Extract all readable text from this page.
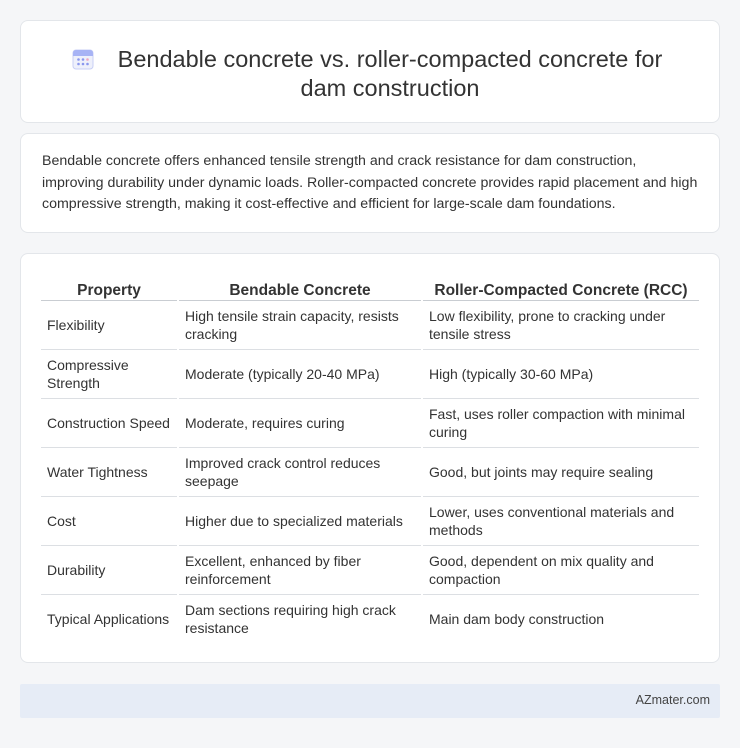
Bendable concrete vs. roller-compacted concrete for dam construction

Bendable concrete offers enhanced tensile strength and crack resistance for dam construction, improving durability under dynamic loads. Roller-compacted concrete provides rapid placement and high compressive strength, making it cost-effective and efficient for large-scale dam foundations.

Property	Bendable Concrete	Roller-Compacted Concrete (RCC)
Flexibility	High tensile strain capacity, resists cracking	Low flexibility, prone to cracking under tensile stress
Compressive Strength	Moderate (typically 20-40 MPa)	High (typically 30-60 MPa)
Construction Speed	Moderate, requires curing	Fast, uses roller compaction with minimal curing
Water Tightness	Improved crack control reduces seepage	Good, but joints may require sealing
Cost	Higher due to specialized materials	Lower, uses conventional materials and methods
Durability	Excellent, enhanced by fiber reinforcement	Good, dependent on mix quality and compaction
Typical Applications	Dam sections requiring high crack resistance	Main dam body construction
AZmater.com
